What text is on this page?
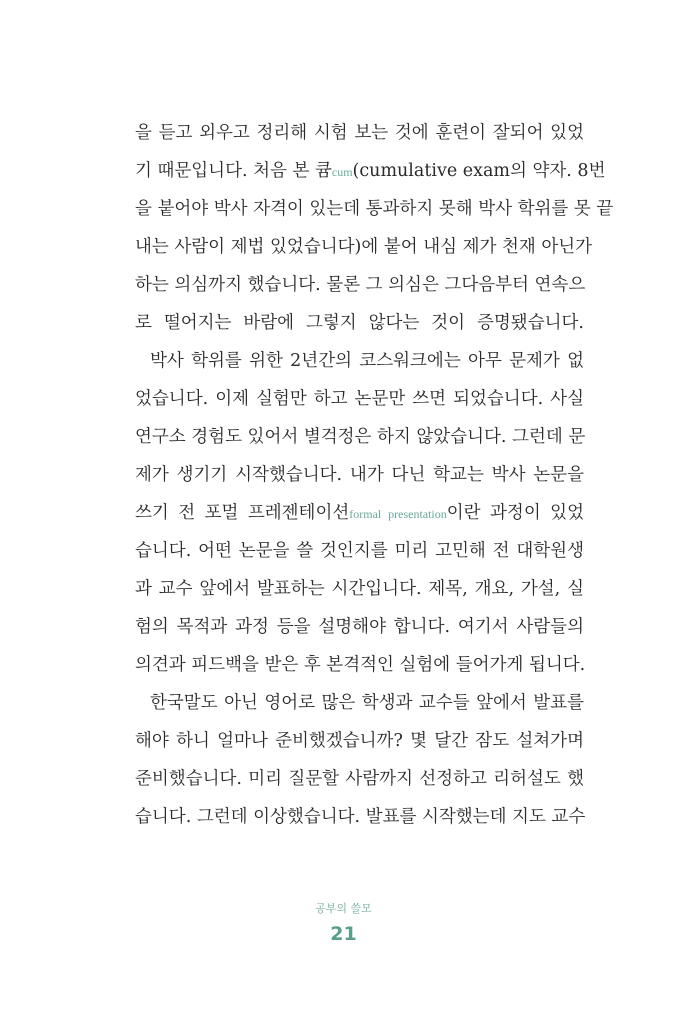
을 듣고 외우고 정리해 시험 보는 것에 훈련이 잘되어 있었
기 때문입니다. 처음 본 큠cum(cumulative exam의 약자. 8번
을 붙어야 박사 자격이 있는데 통과하지 못해 박사 학위를 못 끝
내는 사람이 제법 있었습니다)에 붙어 내심 제가 천재 아닌가
하는 의심까지 했습니다. 물론 그 의심은 그다음부터 연속으
로 떨어지는 바람에 그렇지 않다는 것이 증명됐습니다.
박사 학위를 위한 2년간의 코스워크에는 아무 문제가 없
었습니다. 이제 실험만 하고 논문만 쓰면 되었습니다. 사실
연구소 경험도 있어서 별걱정은 하지 않았습니다. 그런데 문
제가 생기기 시작했습니다. 내가 다닌 학교는 박사 논문을
쓰기 전 포멀 프레젠테이션formal presentation이란 과정이 있었
습니다. 어떤 논문을 쓸 것인지를 미리 고민해 전 대학원생
과 교수 앞에서 발표하는 시간입니다. 제목, 개요, 가설, 실
험의 목적과 과정 등을 설명해야 합니다. 여기서 사람들의
의견과 피드백을 받은 후 본격적인 실험에 들어가게 됩니다.
한국말도 아닌 영어로 많은 학생과 교수들 앞에서 발표를
해야 하니 얼마나 준비했겠습니까? 몇 달간 잠도 설쳐가며
준비했습니다. 미리 질문할 사람까지 선정하고 리허설도 했
습니다. 그런데 이상했습니다. 발표를 시작했는데 지도 교수
공부의 쓸모
21
